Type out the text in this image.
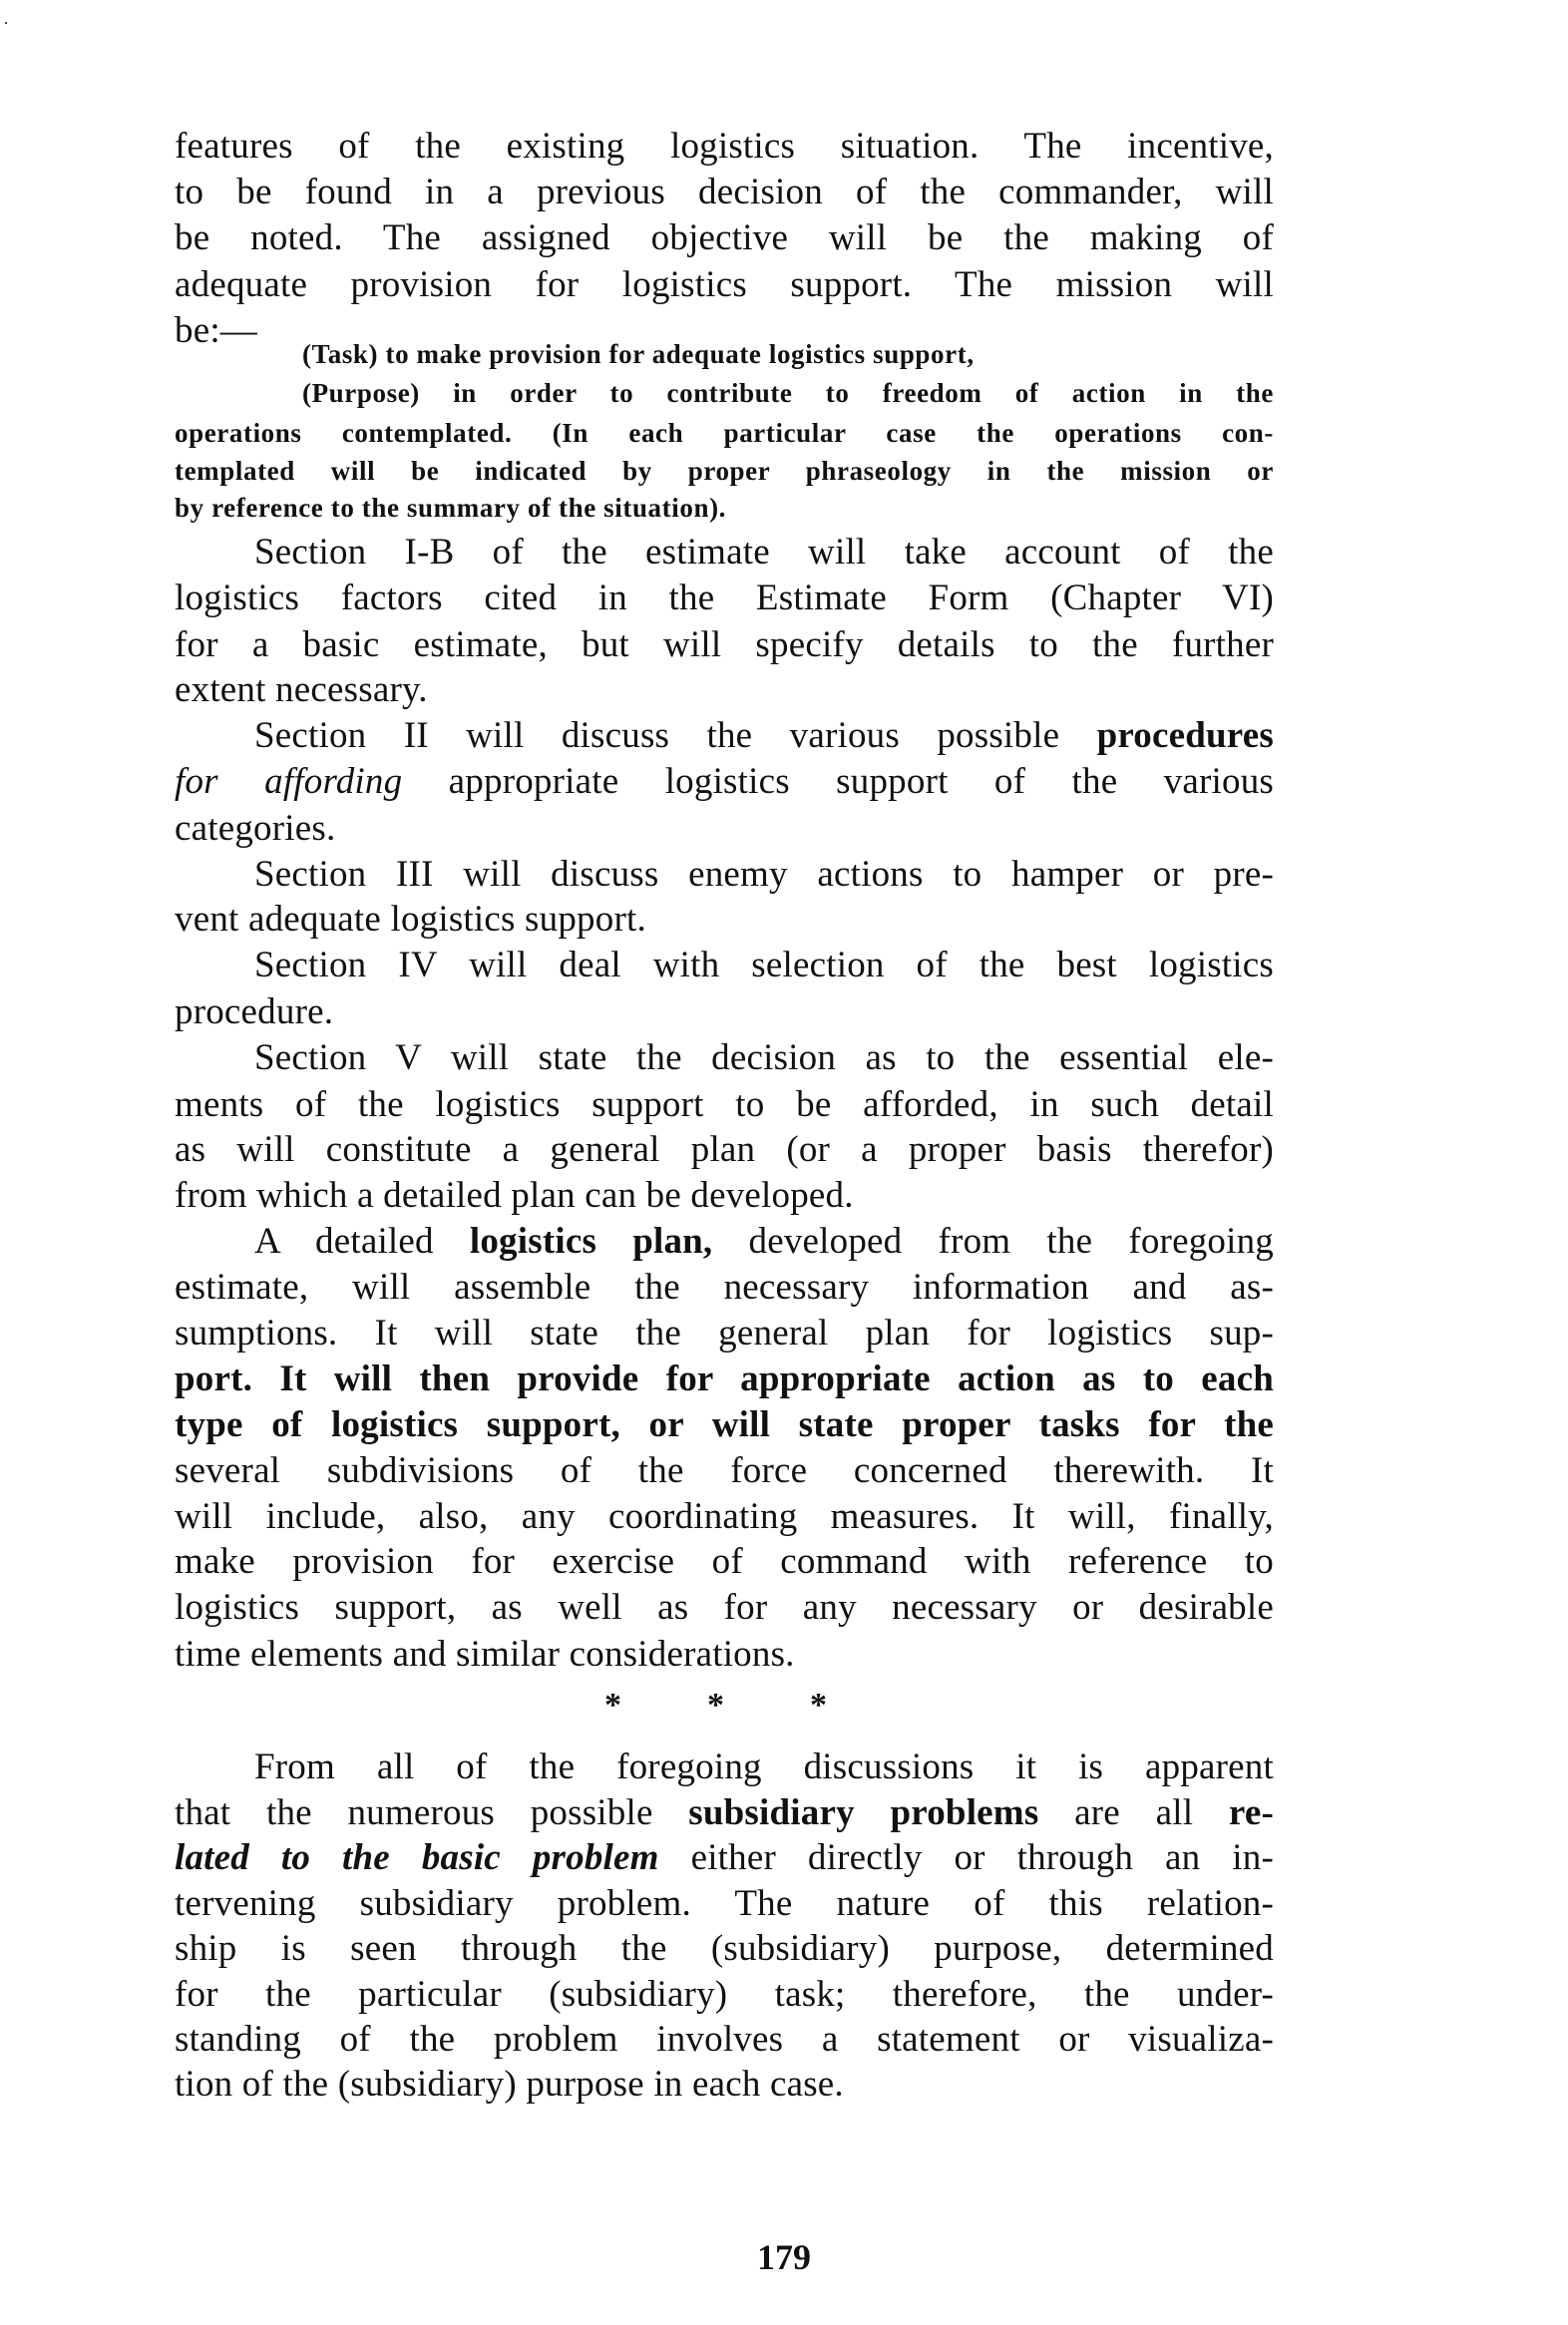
features of the existing logistics situation. The incentive,
to be found in a previous decision of the commander, will
be noted. The assigned objective will be the making of
adequate provision for logistics support. The mission will
be:—
(Task) to make provision for adequate logistics support,
(Purpose) in order to contribute to freedom of action in the
operations contemplated. (In each particular case the operations con-
templated will be indicated by proper phraseology in the mission or
by reference to the summary of the situation).
Section I-B of the estimate will take account of the
logistics factors cited in the Estimate Form (Chapter VI)
for a basic estimate, but will specify details to the further
extent necessary.
Section II will discuss the various possible procedures
for affording appropriate logistics support of the various
categories.
Section III will discuss enemy actions to hamper or pre-
vent adequate logistics support.
Section IV will deal with selection of the best logistics
procedure.
Section V will state the decision as to the essential ele-
ments of the logistics support to be afforded, in such detail
as will constitute a general plan (or a proper basis therefor)
from which a detailed plan can be developed.
A detailed logistics plan, developed from the foregoing
estimate, will assemble the necessary information and as-
sumptions. It will state the general plan for logistics sup-
port. It will then provide for appropriate action as to each
type of logistics support, or will state proper tasks for the
several subdivisions of the force concerned therewith. It
will include, also, any coordinating measures. It will, finally,
make provision for exercise of command with reference to
logistics support, as well as for any necessary or desirable
time elements and similar considerations.
*	*	*
From all of the foregoing discussions it is apparent
that the numerous possible subsidiary problems are all re-
lated to the basic problem either directly or through an in-
tervening subsidiary problem. The nature of this relation-
ship is seen through the (subsidiary) purpose, determined
for the particular (subsidiary) task; therefore, the under-
standing of the problem involves a statement or visualiza-
tion of the (subsidiary) purpose in each case.
179
